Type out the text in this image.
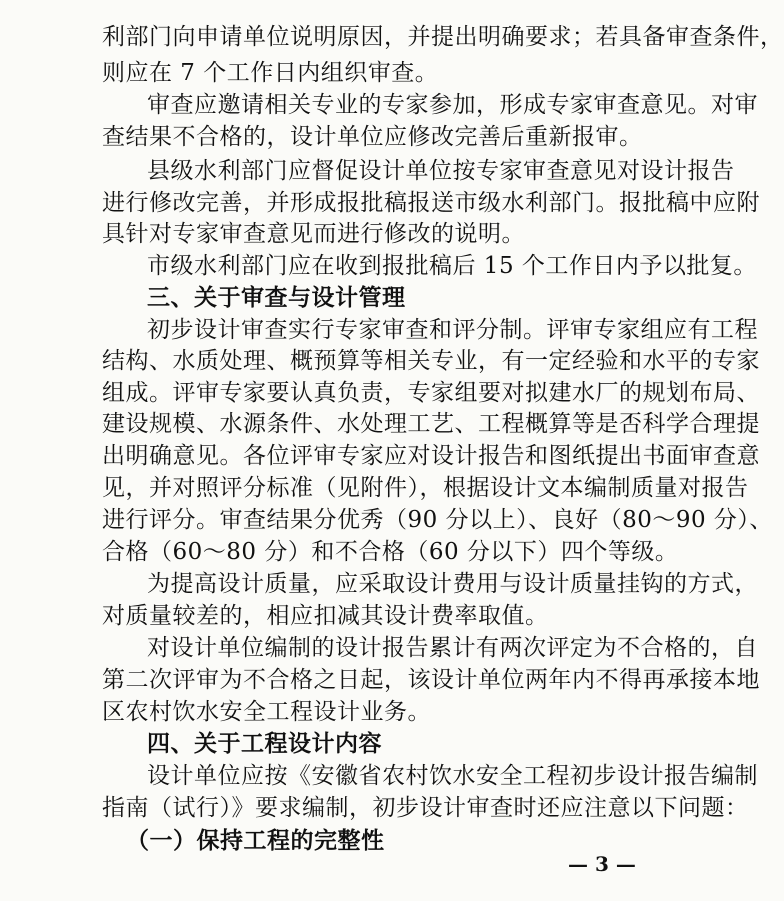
利部门向申请单位说明原因，并提出明确要求；若具备审查条件，
则应在 7 个工作日内组织审查。
审查应邀请相关专业的专家参加，形成专家审查意见。对审
查结果不合格的，设计单位应修改完善后重新报审。
县级水利部门应督促设计单位按专家审查意见对设计报告
进行修改完善，并形成报批稿报送市级水利部门。报批稿中应附
具针对专家审查意见而进行修改的说明。
市级水利部门应在收到报批稿后 15 个工作日内予以批复。
三、关于审查与设计管理
初步设计审查实行专家审查和评分制。评审专家组应有工程
结构、水质处理、概预算等相关专业，有一定经验和水平的专家
组成。评审专家要认真负责，专家组要对拟建水厂的规划布局、
建设规模、水源条件、水处理工艺、工程概算等是否科学合理提
出明确意见。各位评审专家应对设计报告和图纸提出书面审查意
见，并对照评分标准（见附件），根据设计文本编制质量对报告
进行评分。审查结果分优秀（90 分以上）、良好（80～90 分）、
合格（60～80 分）和不合格（60 分以下）四个等级。
为提高设计质量，应采取设计费用与设计质量挂钩的方式，
对质量较差的，相应扣减其设计费率取值。
对设计单位编制的设计报告累计有两次评定为不合格的，自
第二次评审为不合格之日起，该设计单位两年内不得再承接本地
区农村饮水安全工程设计业务。
四、关于工程设计内容
设计单位应按《安徽省农村饮水安全工程初步设计报告编制
指南（试行）》要求编制，初步设计审查时还应注意以下问题：
（一）保持工程的完整性
— 3 —
